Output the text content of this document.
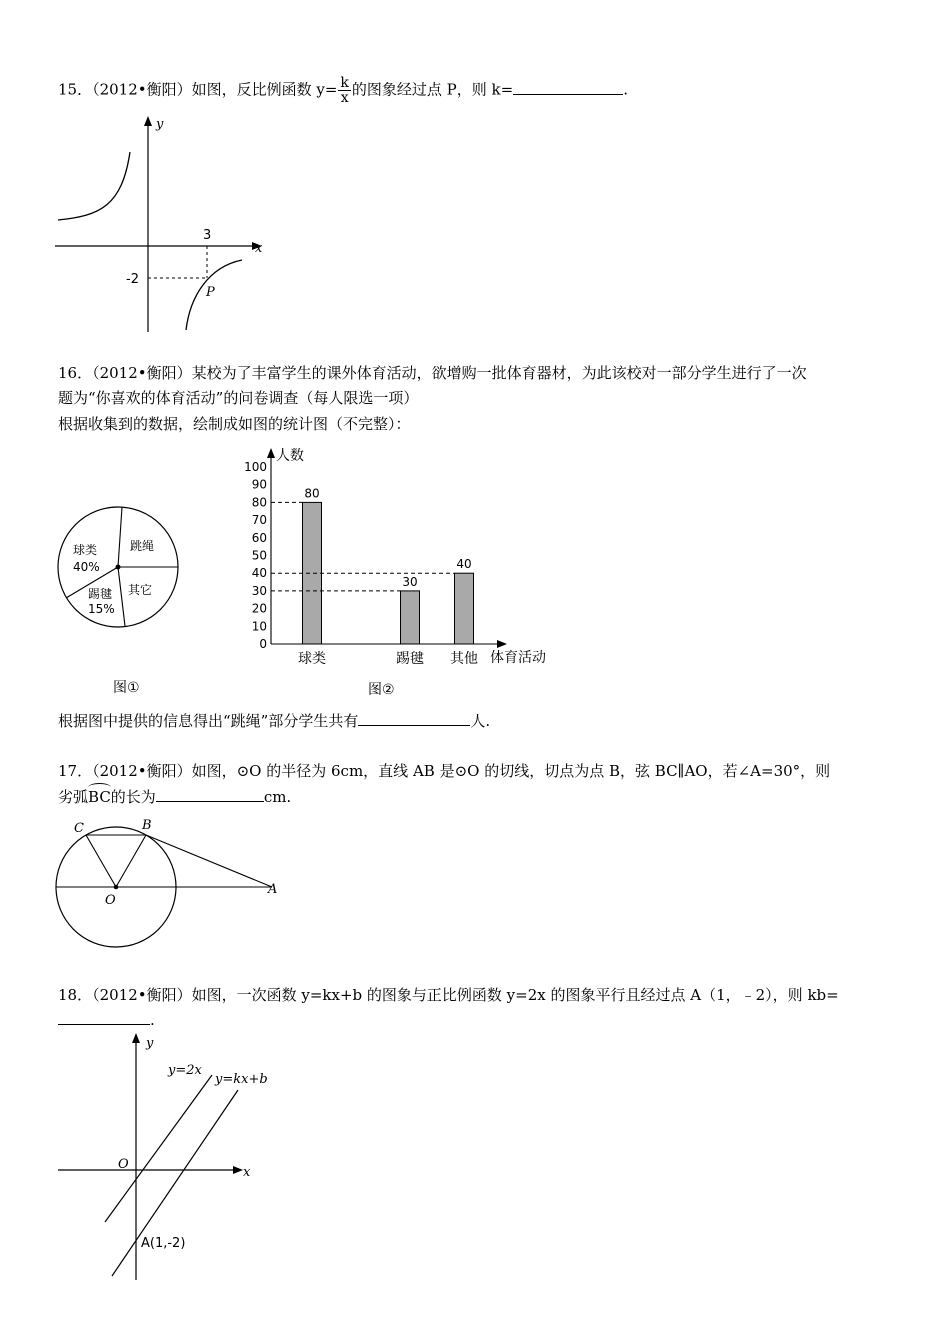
15．（2012•衡阳）如图，反比例函数 $y= \frac{k}{x}$ 的图象经过点 P，则 k=	.
y
x
3
-2
P
16．（2012•衡阳）某校为了丰富学生的课外体育活动，欲增购一批体育器材，为此该校对一部分学生进行了一次
题为“你喜欢的体育活动”的问卷调查（每人限选一项）
根据收集到的数据，绘制成如图的统计图（不完整）：
球类
40%
跳绳
其它
踢毽
15%
图①
人数
体育活动
图②
0
10
20
30
40
50
60
70
80
90
100
80
球类
30
踢毽
40
其他
根据图中提供的信息得出“跳绳”部分学生共有	人.
17．（2012•衡阳）如图，⊙O 的半径为 6cm，直线 AB 是⊙O 的切线，切点为点 B，弦 BC∥AO，若∠A=30°，则
劣弧BC的长为	cm.
C	B
O
A
18．（2012•衡阳）如图，一次函数 y=kx+b 的图象与正比例函数 y=2x 的图象平行且经过点 A（1，﹣2），则 kb=
.
y
x
O
y=2x
y=kx+b
A(1,-2)
